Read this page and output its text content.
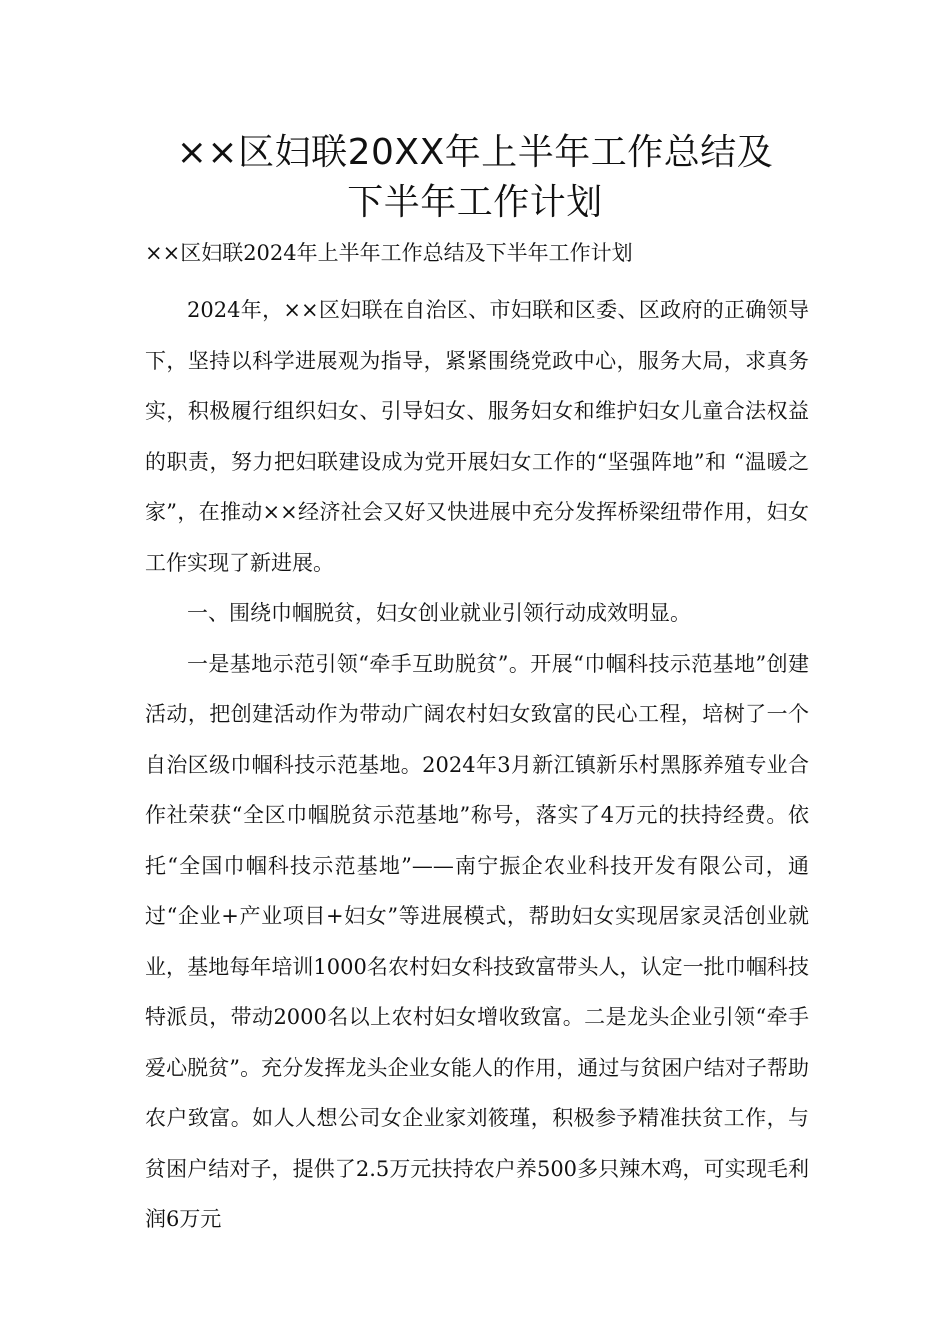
××区妇联20XX年上半年工作总结及
下半年工作计划

××区妇联2024年上半年工作总结及下半年工作计划

2024年，××区妇联在自治区、市妇联和区委、区政府的正确领导下，坚持以科学进展观为指导，紧紧围绕党政中心，服务大局，求真务实，积极履行组织妇女、引导妇女、服务妇女和维护妇女儿童合法权益的职责，努力把妇联建设成为党开展妇女工作的“坚强阵地”和 “温暖之家”，在推动××经济社会又好又快进展中充分发挥桥梁纽带作用，妇女工作实现了新进展。

一、围绕巾帼脱贫，妇女创业就业引领行动成效明显。

一是基地示范引领“牵手互助脱贫”。开展“巾帼科技示范基地”创建活动，把创建活动作为带动广阔农村妇女致富的民心工程，培树了一个自治区级巾帼科技示范基地。2024年3月新江镇新乐村黑豚养殖专业合作社荣获“全区巾帼脱贫示范基地”称号，落实了4万元的扶持经费。依托“全国巾帼科技示范基地”——南宁振企农业科技开发有限公司，通过“企业+产业项目+妇女”等进展模式，帮助妇女实现居家灵活创业就业，基地每年培训1000名农村妇女科技致富带头人，认定一批巾帼科技特派员，带动2000名以上农村妇女增收致富。二是龙头企业引领“牵手爱心脱贫”。充分发挥龙头企业女能人的作用，通过与贫困户结对子帮助农户致富。如人人想公司女企业家刘筱瑾，积极参予精准扶贫工作，与贫困户结对子，提供了2.5万元扶持农户养500多只辣木鸡，可实现毛利润6万元
